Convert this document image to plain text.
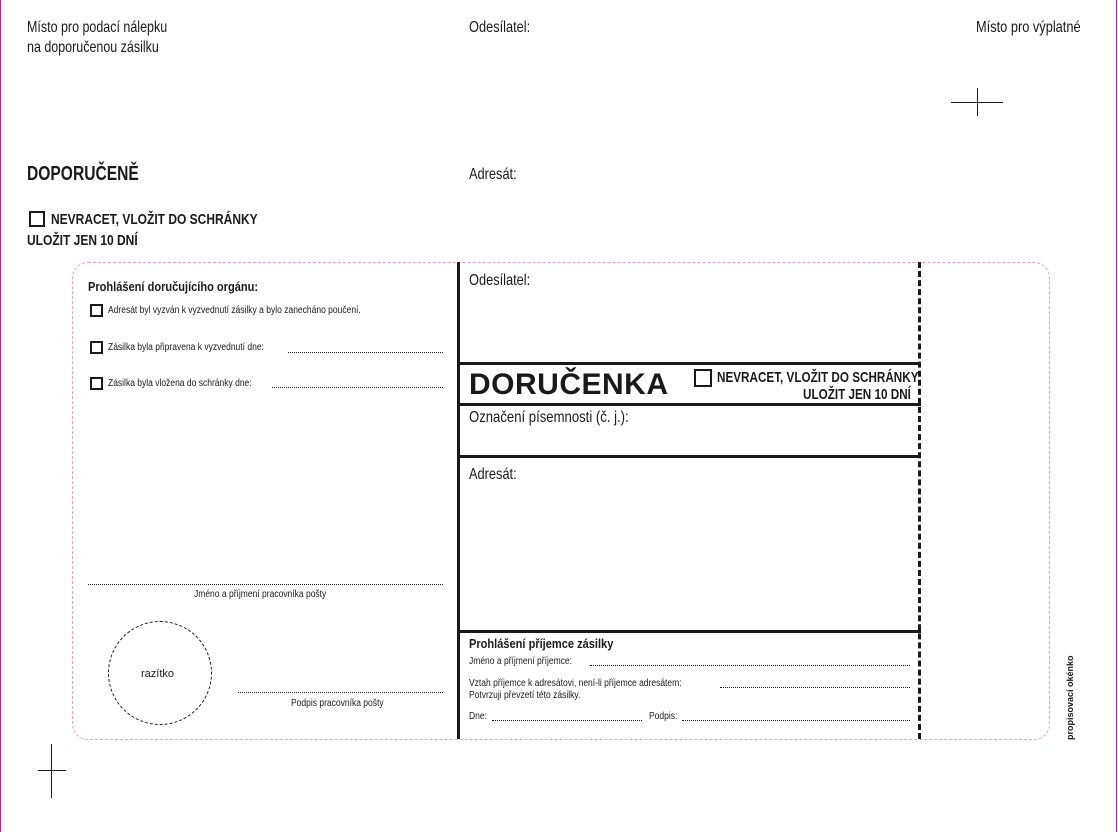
Místo pro podací nálepku
na doporučenou zásilku
Odesílatel:	Místo pro výplatné
DOPORUČENĚ	Adresát:
NEVRACET, VLOŽIT DO SCHRÁNKY
ULOŽIT JEN 10 DNÍ
Prohlášení doručujícího orgánu:
Adresát byl vyzván k vyzvednutí zásilky a bylo zanecháno poučení.
Zásilka byla připravena k vyzvednutí dne:
Zásilka byla vložena do schránky dne:
Jméno a příjmení pracovníka pošty
razítko
Podpis pracovníka pošty
Odesílatel:
DORUČENKA	NEVRACET, VLOŽIT DO SCHRÁNKY
ULOŽIT JEN 10 DNÍ
Označení písemnosti (č. j.):
Adresát:
Prohlášení příjemce zásilky
Jméno a příjmení příjemce:
Vztah příjemce k adresátovi, není-li příjemce adresátem:
Potvrzuji převzetí této zásilky.
Dne:	Podpis:	propisovací okénko
